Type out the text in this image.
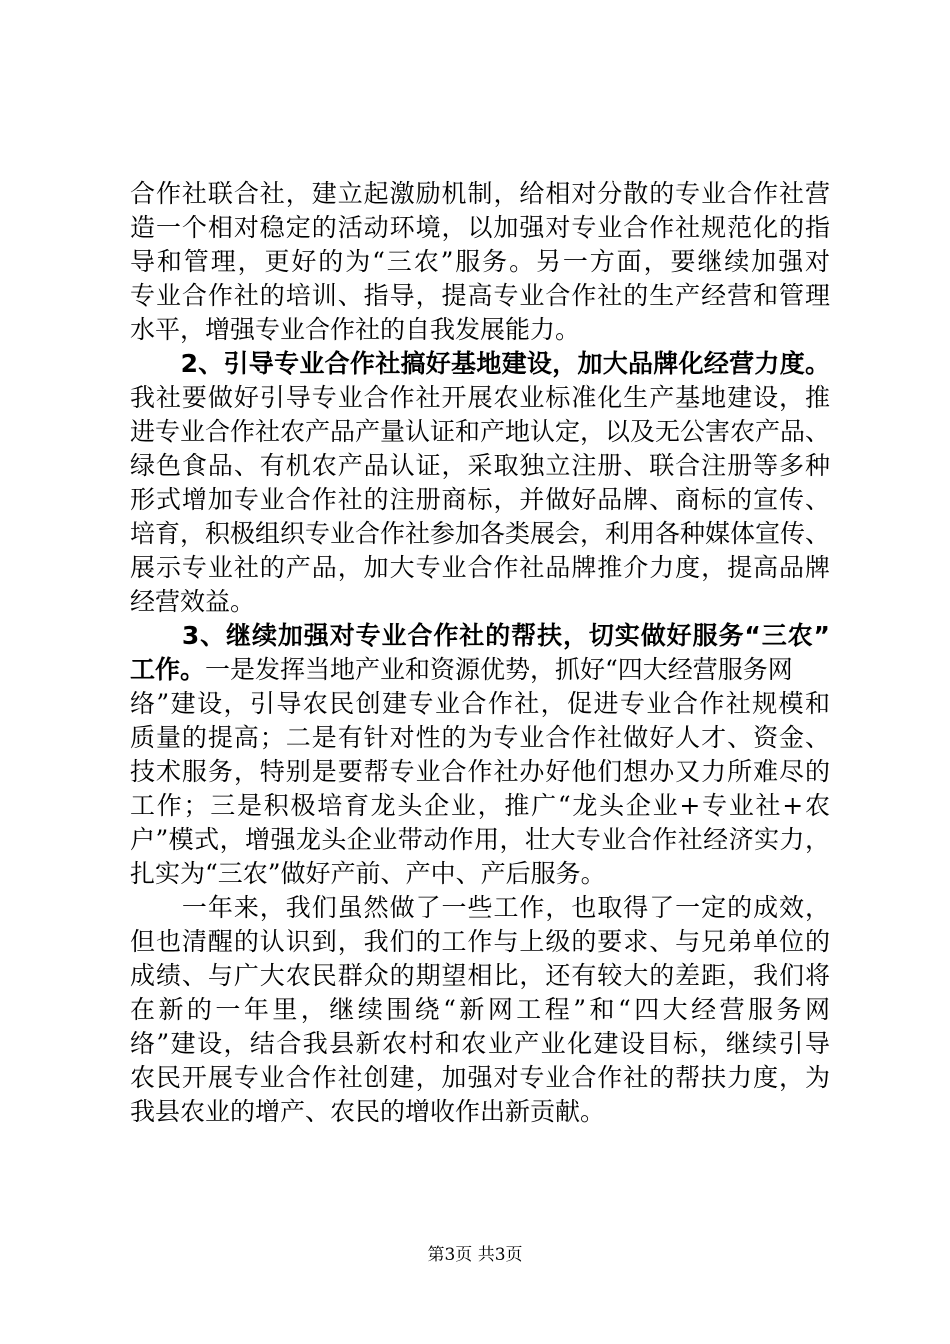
合作社联合社，建立起激励机制，给相对分散的专业合作社营
造一个相对稳定的活动环境，以加强对专业合作社规范化的指
导和管理，更好的为“三农”服务。另一方面，要继续加强对
专业合作社的培训、指导，提高专业合作社的生产经营和管理
水平，增强专业合作社的自我发展能力。
　　2、引导专业合作社搞好基地建设，加大品牌化经营力度。
我社要做好引导专业合作社开展农业标准化生产基地建设，推
进专业合作社农产品产量认证和产地认定，以及无公害农产品、
绿色食品、有机农产品认证，采取独立注册、联合注册等多种
形式增加专业合作社的注册商标，并做好品牌、商标的宣传、
培育，积极组织专业合作社参加各类展会，利用各种媒体宣传、
展示专业社的产品，加大专业合作社品牌推介力度，提高品牌
经营效益。
　　3、继续加强对专业合作社的帮扶，切实做好服务“三农”
工作。一是发挥当地产业和资源优势，抓好“四大经营服务网
络”建设，引导农民创建专业合作社，促进专业合作社规模和
质量的提高；二是有针对性的为专业合作社做好人才、资金、
技术服务，特别是要帮专业合作社办好他们想办又力所难尽的
工作；三是积极培育龙头企业，推广“龙头企业+专业社+农
户”模式，增强龙头企业带动作用，壮大专业合作社经济实力，
扎实为“三农”做好产前、产中、产后服务。
　　一年来，我们虽然做了一些工作，也取得了一定的成效，
但也清醒的认识到，我们的工作与上级的要求、与兄弟单位的
成绩、与广大农民群众的期望相比，还有较大的差距，我们将
在新的一年里，继续围绕“新网工程”和“四大经营服务网
络”建设，结合我县新农村和农业产业化建设目标，继续引导
农民开展专业合作社创建，加强对专业合作社的帮扶力度，为
我县农业的增产、农民的增收作出新贡献。
第3页 共3页
